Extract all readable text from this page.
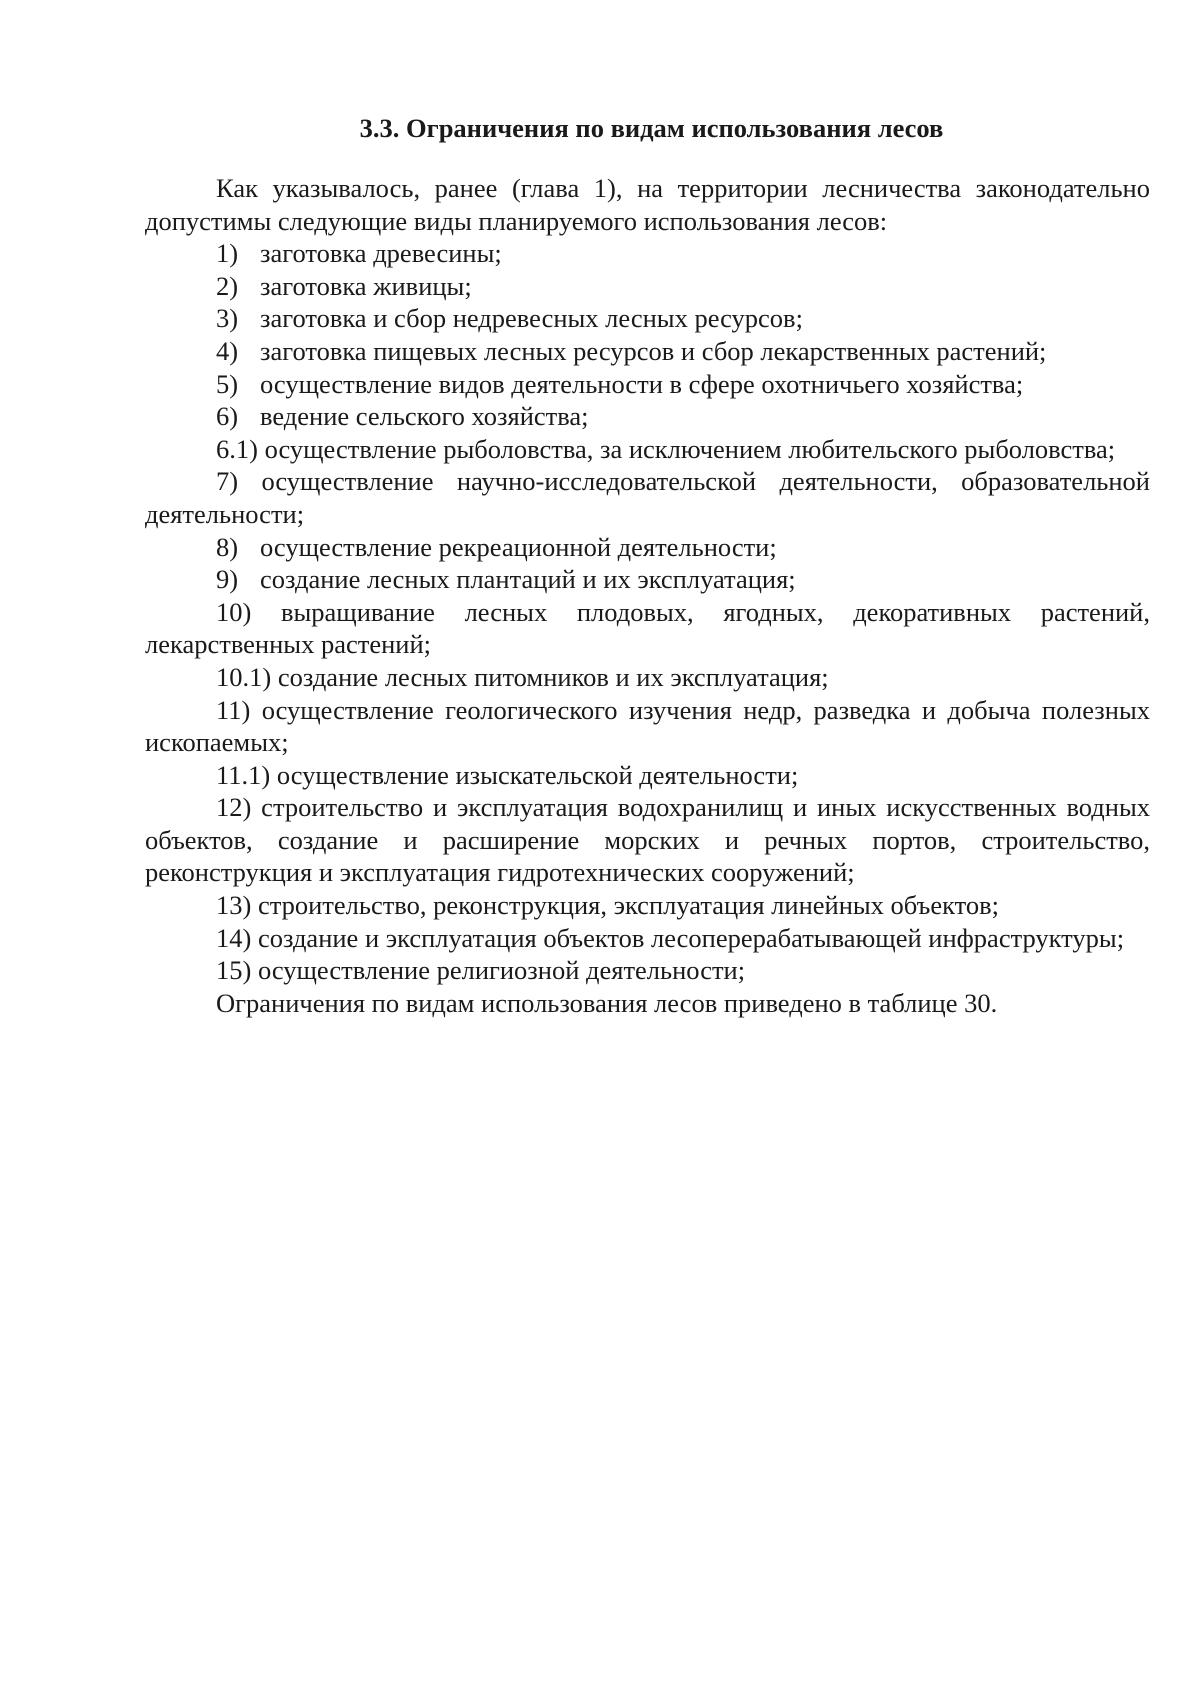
3.3. Ограничения по видам использования лесов

Как указывалось, ранее (глава 1), на территории лесничества законодательно допустимы следующие виды планируемого использования лесов:

1) заготовка древесины;
2) заготовка живицы;
3) заготовка и сбор недревесных лесных ресурсов;
4) заготовка пищевых лесных ресурсов и сбор лекарственных растений;
5) осуществление видов деятельности в сфере охотничьего хозяйства;
6) ведение сельского хозяйства;

6.1) осуществление рыболовства, за исключением любительского рыболовства;

7) осуществление научно-исследовательской деятельности, образовательной деятельности;

8) осуществление рекреационной деятельности;
9) создание лесных плантаций и их эксплуатация;

10) выращивание лесных плодовых, ягодных, декоративных растений, лекарственных растений;

10.1) создание лесных питомников и их эксплуатация;

11) осуществление геологического изучения недр, разведка и добыча полезных ископаемых;

11.1) осуществление изыскательской деятельности;

12) строительство и эксплуатация водохранилищ и иных искусственных водных объектов, создание и расширение морских и речных портов, строительство, реконструкция и эксплуатация гидротехнических сооружений;

13) строительство, реконструкция, эксплуатация линейных объектов;

14) создание и эксплуатация объектов лесоперерабатывающей инфраструктуры;

15) осуществление религиозной деятельности;

Ограничения по видам использования лесов приведено в таблице 30.
